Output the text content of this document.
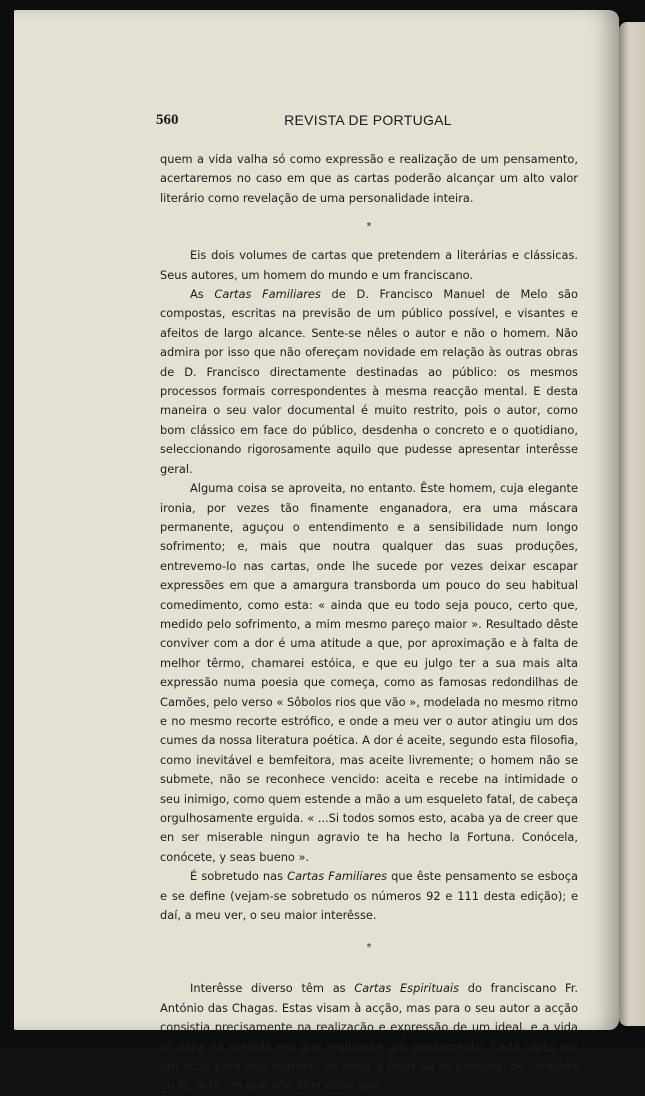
560	REVISTA DE PORTUGAL

quem a vida valha só como expressão e realização de um pensamento, acertaremos no caso em que as cartas poderão alcançar um alto valor literário como revelação de uma personalidade inteira.

*

Eis dois volumes de cartas que pretendem a literárias e clássicas. Seus autores, um homem do mundo e um franciscano.

As Cartas Familiares de D. Francisco Manuel de Melo são compostas, escritas na previsão de um público possível, e visantes e afeitos de largo alcance. Sente-se nêles o autor e não o homem. Não admira por isso que não ofereçam novidade em relação às outras obras de D. Francisco directamente destinadas ao público: os mesmos processos formais correspondentes à mesma reacção mental. E desta maneira o seu valor documental é muito restrito, pois o autor, como bom clássico em face do público, desdenha o concreto e o quotidiano, seleccionando rigorosamente aquilo que pudesse apresentar interêsse geral.

Alguma coisa se aproveita, no entanto. Êste homem, cuja elegante ironia, por vezes tão finamente enganadora, era uma máscara permanente, aguçou o entendimento e a sensibilidade num longo sofrimento; e, mais que noutra qualquer das suas produções, entrevemo-lo nas cartas, onde lhe sucede por vezes deixar escapar expressões em que a amargura transborda um pouco do seu habitual comedimento, como esta: « ainda que eu todo seja pouco, certo que, medido pelo sofrimento, a mim mesmo pareço maior ». Resultado dêste conviver com a dor é uma atitude a que, por aproximação e à falta de melhor têrmo, chamarei estóica, e que eu julgo ter a sua mais alta expressão numa poesia que começa, como as famosas redondilhas de Camões, pelo verso « Sôbolos rios que vão », modelada no mesmo ritmo e no mesmo recorte estrófico, e onde a meu ver o autor atingiu um dos cumes da nossa literatura poética. A dor é aceite, segundo esta filosofia, como inevitável e bemfeitora, mas aceite livremente; o homem não se submete, não se reconhece vencido: aceita e recebe na intimidade o seu inimigo, como quem estende a mão a um esqueleto fatal, de cabeça orgulhosamente erguida. « ...Si todos somos esto, acaba ya de creer que en ser miserable ningun agravio te ha hecho la Fortuna. Conócela, conócete, y seas bueno ».

É sobretudo nas Cartas Familiares que êste pensamento se esboça e se define (vejam-se sobretudo os números 92 e 111 desta edição); e daí, a meu ver, o seu maior interêsse.

*

Interêsse diverso têm as Cartas Espirituais do franciscano Fr. António das Chagas. Estas visam à acção, mas para o seu autor a acção consistia precisamente na realização e expressão de um ideal, e a vida só valia na medida em que realizasse um pensamento. Cada carta era um acto, para êste homem, de amor a Deus ou ao próximo, de caridade ou fé, acto em que não intervinha ape-
